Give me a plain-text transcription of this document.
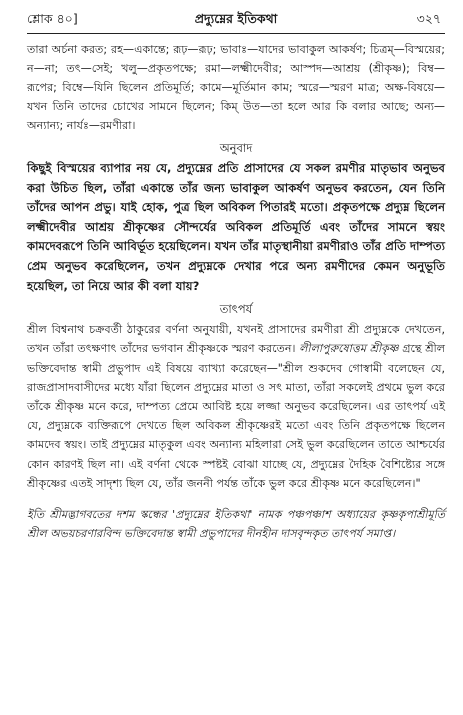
শ্লোক ৪০]	প্রদ্যুম্নের ইতিকথা	৩২৭

তারা অর্চনা করত; রহ—একান্তে; রূঢ়—রূঢ়; ভাবাঃ—যাদের ভাবাকুল আকর্ষণ; চিত্রম্—বিস্ময়ের; ন—না; তৎ—সেই; খলু—প্রকৃতপক্ষে; রমা—লক্ষ্মীদেবীর; আস্পদ—আশ্রয় (শ্রীকৃষ্ণ); বিম্ব—রূপের; বিম্বে—যিনি ছিলেন প্রতিমূর্তি; কামে—মূর্তিমান কাম; স্মরে—স্মরণ মাত্র; অক্ষ-বিষয়ে—যখন তিনি তাদের চোখের সামনে ছিলেন; কিম্ উত—তা হলে আর কি বলার আছে; অন্য—অন্যান্য; নার্যঃ—রমণীরা।

অনুবাদ

কিছুই বিস্ময়ের ব্যাপার নয় যে, প্রদ্যুম্নের প্রতি প্রাসাদের যে সকল রমণীর মাতৃভাব অনুভব করা উচিত ছিল, তাঁরা একান্তে তাঁর জন্য ভাবাকুল আকর্ষণ অনুভব করতেন, যেন তিনি তাঁদের আপন প্রভু। যাই হোক, পুত্র ছিল অবিকল পিতারই মতো। প্রকৃতপক্ষে প্রদ্যুম্ন ছিলেন লক্ষ্মীদেবীর আশ্রয় শ্রীকৃষ্ণের সৌন্দর্যের অবিকল প্রতিমূর্তি এবং তাঁদের সামনে স্বয়ং কামদেবরূপে তিনি আবির্ভূত হয়েছিলেন। যখন তাঁর মাতৃস্থানীয়া রমণীরাও তাঁর প্রতি দাম্পত্য প্রেম অনুভব করেছিলেন, তখন প্রদ্যুম্নকে দেখার পরে অন্য রমণীদের কেমন অনুভূতি হয়েছিল, তা নিয়ে আর কী বলা যায়?

তাৎপর্য

শ্রীল বিশ্বনাথ চক্রবর্তী ঠাকুরের বর্ণনা অনুযায়ী, যখনই প্রাসাদের রমণীরা শ্রী প্রদ্যুম্নকে দেখতেন, তখন তাঁরা তৎক্ষণাৎ তাঁদের ভগবান শ্রীকৃষ্ণকে স্মরণ করতেন। লীলাপুরুষোত্তম শ্রীকৃষ্ণ গ্রন্থে শ্রীল ভক্তিবেদান্ত স্বামী প্রভুপাদ এই বিষয়ে ব্যাখ্যা করেছেন—"শ্রীল শুকদেব গোস্বামী বলেছেন যে, রাজপ্রাসাদবাসীদের মধ্যে যাঁরা ছিলেন প্রদ্যুম্নের মাতা ও সৎ মাতা, তাঁরা সকলেই প্রথমে ভুল করে তাঁকে শ্রীকৃষ্ণ মনে করে, দাম্পত্য প্রেমে আবিষ্ট হয়ে লজ্জা অনুভব করেছিলেন। এর তাৎপর্য এই যে, প্রদ্যুম্নকে ব্যক্তিরূপে দেখতে ছিল অবিকল শ্রীকৃষ্ণেরই মতো এবং তিনি প্রকৃতপক্ষে ছিলেন কামদেব স্বয়ং। তাই প্রদ্যুম্নের মাতৃকুল এবং অন্যান্য মহিলারা সেই ভুল করেছিলেন তাতে আশ্চর্যের কোন কারণই ছিল না। এই বর্ণনা থেকে স্পষ্টই বোঝা যাচ্ছে যে, প্রদ্যুম্নের দৈহিক বৈশিষ্ট্যের সঙ্গে শ্রীকৃষ্ণের এতই সাদৃশ্য ছিল যে, তাঁর জননী পর্যন্ত তাঁকে ভুল করে শ্রীকৃষ্ণ মনে করেছিলেন।"

ইতি শ্রীমদ্ভাগবতের দশম স্কন্ধের 'প্রদ্যুম্নের ইতিকথা' নামক পঞ্চপঞ্চাশ অধ্যায়ের কৃষ্ণকৃপাশ্রীমূর্তি শ্রীল অভয়চরণারবিন্দ ভক্তিবেদান্ত স্বামী প্রভুপাদের দীনহীন দাসবৃন্দকৃত তাৎপর্য সমাপ্ত।
